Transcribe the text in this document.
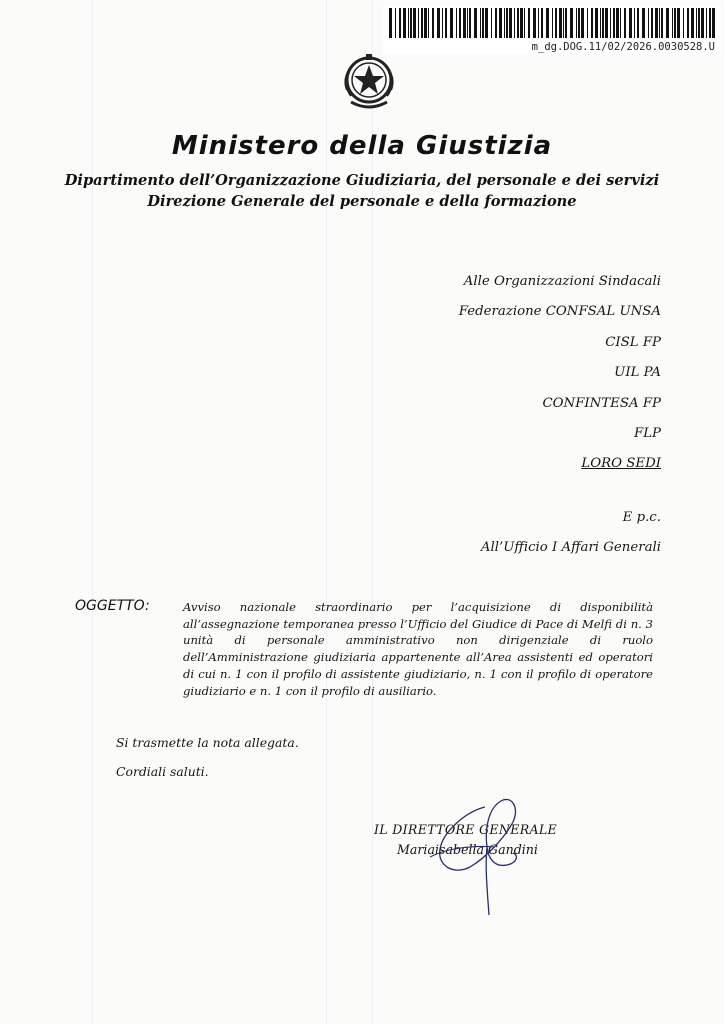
m_dg.DOG.11/02/2026.0030528.U
Ministero della Giustizia
Dipartimento dell’Organizzazione Giudiziaria, del personale e dei servizi
Direzione Generale del personale e della formazione
Alle Organizzazioni Sindacali
Federazione CONFSAL UNSA
CISL FP
UIL PA
CONFINTESA FP
FLP
LORO SEDI
E p.c.
All’Ufficio I Affari Generali
OGGETTO:	Avviso nazionale straordinario per l’acquisizione di disponibilità all’assegnazione temporanea presso l’Ufficio del Giudice di Pace di Melfi di n. 3 unità di personale amministrativo non dirigenziale di ruolo dell’Amministrazione giudiziaria appartenente all’Area assistenti ed operatori di cui n. 1 con il profilo di assistente giudiziario, n. 1 con il profilo di operatore giudiziario e n. 1 con il profilo di ausiliario.
Si trasmette la nota allegata.
Cordiali saluti.
IL DIRETTORE GENERALE
Mariaisabella Gandini
